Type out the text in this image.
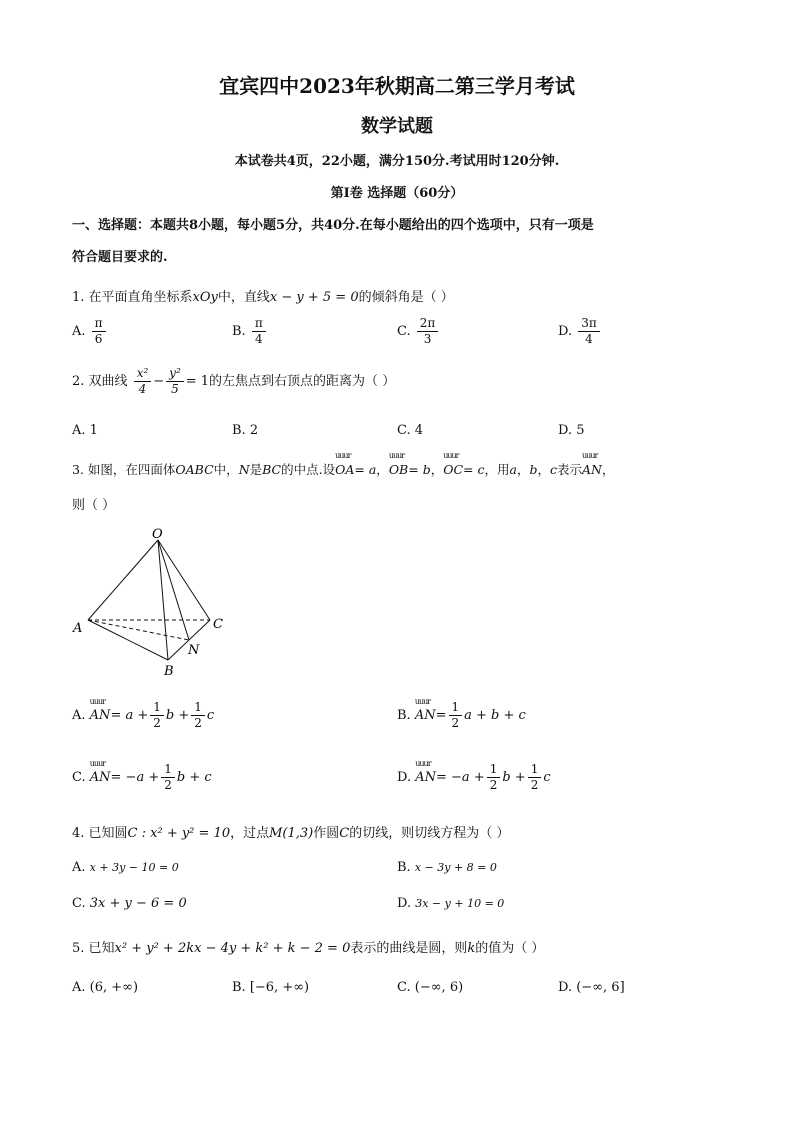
宜宾四中2023年秋期高二第三学月考试
数学试题
本试卷共4页，22小题，满分150分.考试用时120分钟.
第I卷 选择题（60分）
一、选择题：本题共8小题，每小题5分，共40分.在每小题给出的四个选项中，只有一项是
符合题目要求的.
1. 在平面直角坐标系xOy中，直线x − y + 5 = 0的倾斜角是（ ）
A. $\frac{\pi}{6}$	B. $\frac{\pi}{4}$	C. $\frac{2\pi}{3}$	D. $\frac{3\pi}{4}$
2. 双曲线 $\frac{\text{x²}}{4} - \frac{\text{y²}}{5} = 1$的左焦点到右顶点的距离为（ ）
A. 1	B. 2	C. 4	D. 5
3. 如图，在四面体OABC中，N是BC的中点.设uuur OA= a，uuur OB= b，uuur OC= c，用a，b，c表示uuur AN，
则（ ）
O
A
B
C
N
A. uuur $AN= a + \frac{1}{2}$ $b + \frac{1}{2}$ c	B. uuur $AN= \frac{1}{2}$ a + b + c
C. uuur $AN= -a + \frac{1}{2}$ b + c	D. uuur $AN= -a + \frac{1}{2}$ $b + \frac{1}{2}$ c
4. 已知圆C : x² + y² = 10，过点M(1,3)作圆C的切线，则切线方程为（ ）
A. x + 3y − 10 = 0	B. x − 3y + 8 = 0
C. 3x + y − 6 = 0	D. 3x − y + 10 = 0
5. 已知x² + y² + 2kx − 4y + k² + k − 2 = 0表示的曲线是圆，则k的值为（ ）
A. (6, +∞)	B. [−6, +∞)	C. (−∞, 6)	D. (−∞, 6]
